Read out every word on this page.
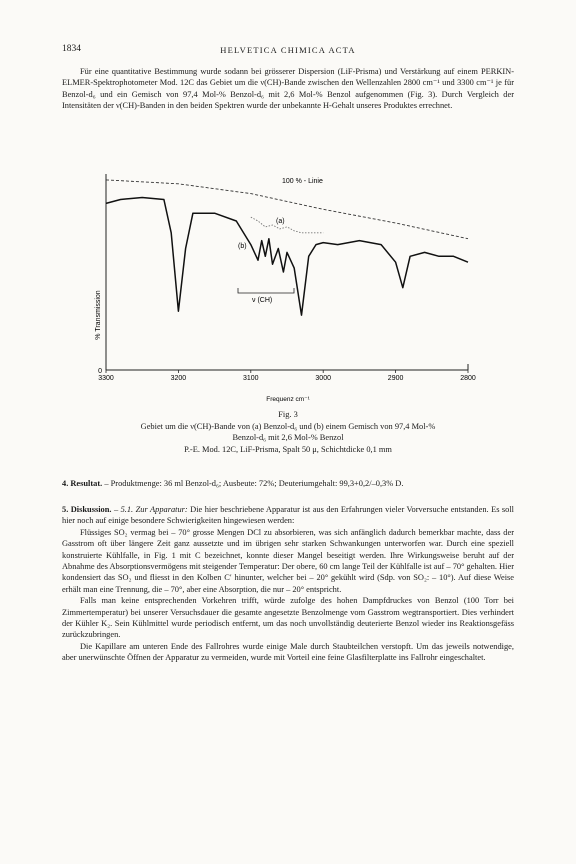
1834	HELVETICA CHIMICA ACTA

Für eine quantitative Bestimmung wurde sodann bei grösserer Dispersion (LiF-Prisma) und Verstärkung auf einem PERKIN-ELMER-Spektrophotometer Mod. 12C das Gebiet um die ν(CH)-Bande zwischen den Wellenzahlen 2800 cm⁻¹ und 3300 cm⁻¹ je für Benzol-d₆ und ein Gemisch von 97,4 Mol-% Benzol-d₆ mit 2,6 Mol-% Benzol aufgenommen (Fig. 3). Durch Vergleich der Intensitäten der ν(CH)-Banden in den beiden Spektren wurde der unbekannte H-Gehalt unseres Produktes errechnet.

3300	3200	3100	3000	2900	2800
100 % - Linie
(a)
(b)
ν (CH)
% Transmission
0
Frequenz cm⁻¹
Fig. 3
Gebiet um die ν(CH)-Bande von (a) Benzol-d₆ und (b) einem Gemisch von 97,4 Mol-%
Benzol-d₆ mit 2,6 Mol-% Benzol
P.-E. Mod. 12C, LiF-Prisma, Spalt 50 μ, Schichtdicke 0,1 mm

4. Resultat. – Produktmenge: 36 ml Benzol-d₆; Ausbeute: 72%; Deuteriumgehalt: 99,3+0,2/–0,3% D.

5. Diskussion. – 5.1. Zur Apparatur: Die hier beschriebene Apparatur ist aus den Erfahrungen vieler Vorversuche entstanden. Es soll hier noch auf einige besondere Schwierigkeiten hingewiesen werden:

Flüssiges SO₂ vermag bei – 70° grosse Mengen DCl zu absorbieren, was sich anfänglich dadurch bemerkbar machte, dass der Gasstrom oft über längere Zeit ganz aussetzte und im übrigen sehr starken Schwankungen unterworfen war. Durch eine speziell konstruierte Kühlfalle, in Fig. 1 mit C bezeichnet, konnte dieser Mangel beseitigt werden. Ihre Wirkungsweise beruht auf der Abnahme des Absorptionsvermögens mit steigender Temperatur: Der obere, 60 cm lange Teil der Kühlfalle ist auf – 70° gehalten. Hier kondensiert das SO₂ und fliesst in den Kolben C′ hinunter, welcher bei – 20° gekühlt wird (Sdp. von SO₂: – 10°). Auf diese Weise erhält man eine Trennung, die – 70°, aber eine Absorption, die nur – 20° entspricht.

Falls man keine entsprechenden Vorkehren trifft, würde zufolge des hohen Dampfdruckes von Benzol (100 Torr bei Zimmertemperatur) bei unserer Versuchsdauer die gesamte angesetzte Benzolmenge vom Gasstrom wegtransportiert. Dies verhindert der Kühler K₂. Sein Kühlmittel wurde periodisch entfernt, um das noch unvollständig deuterierte Benzol wieder ins Reaktionsgefäss zurückzubringen.

Die Kapillare am unteren Ende des Fallrohres wurde einige Male durch Staubteilchen verstopft. Um das jeweils notwendige, aber unerwünschte Öffnen der Apparatur zu vermeiden, wurde mit Vorteil eine feine Glasfilterplatte ins Fallrohr eingeschaltet.
